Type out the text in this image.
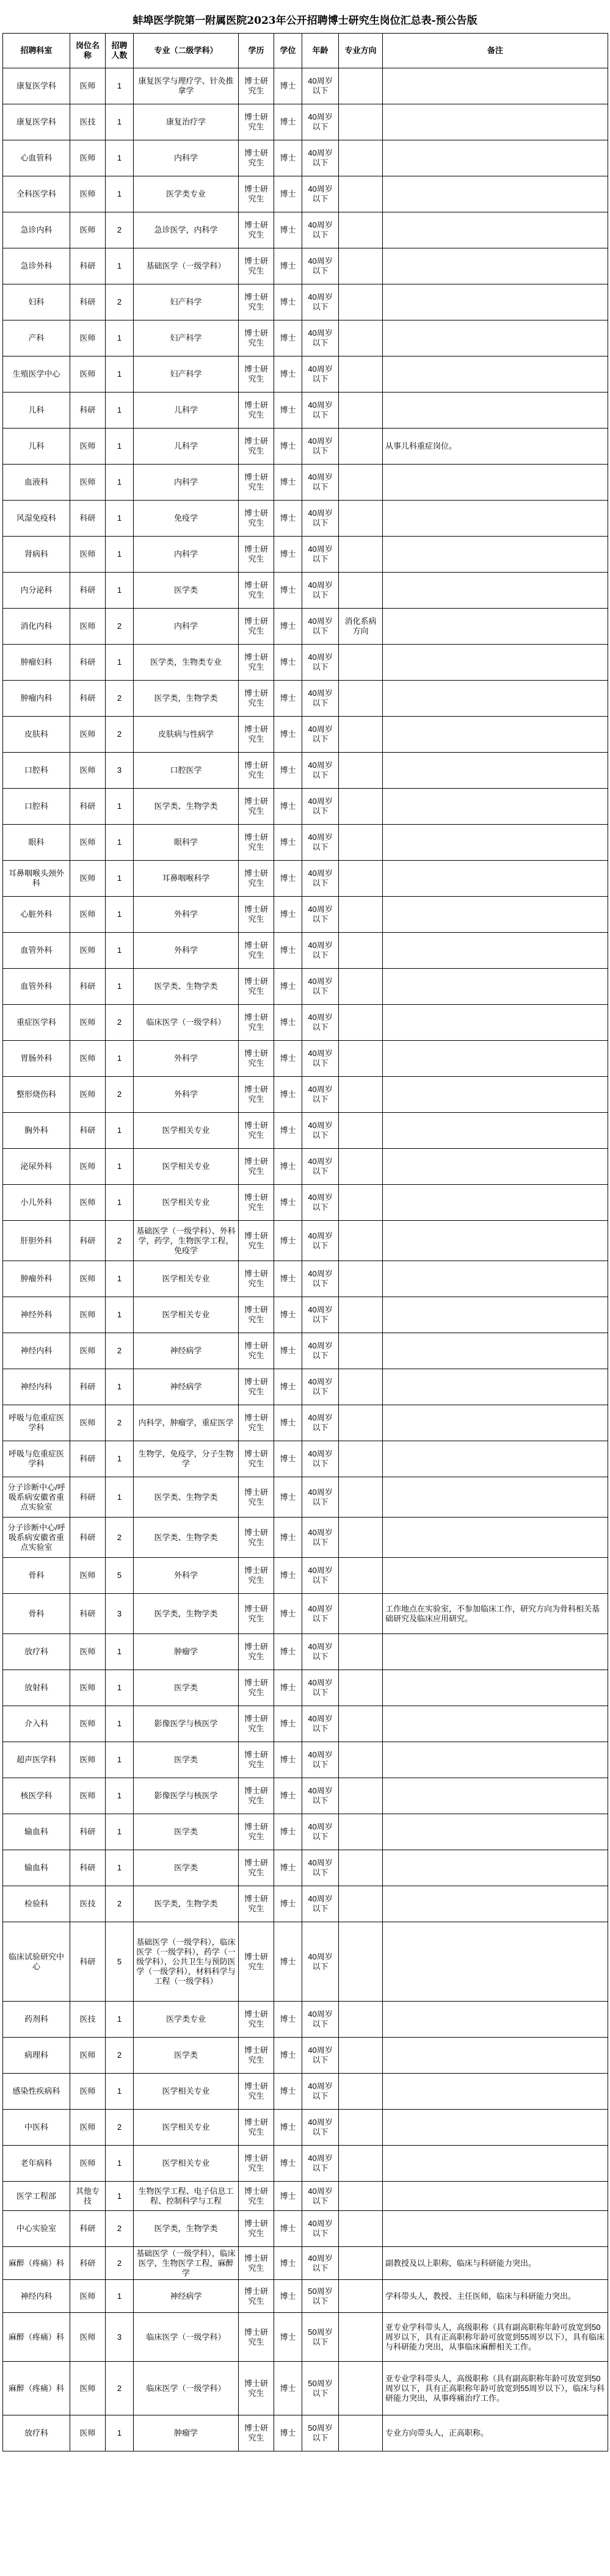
蚌埠医学院第一附属医院2023年公开招聘博士研究生岗位汇总表-预公告版
招聘科室	岗位名称	招聘人数	专业（二级学科）	学历	学位	年龄	专业方向	备注
康复医学科	医师	1	康复医学与理疗学、针灸推拿学	博士研究生	博士	40周岁以下		
康复医学科	医技	1	康复治疗学	博士研究生	博士	40周岁以下		
心血管科	医师	1	内科学	博士研究生	博士	40周岁以下		
全科医学科	医师	1	医学类专业	博士研究生	博士	40周岁以下		
急诊内科	医师	2	急诊医学，内科学	博士研究生	博士	40周岁以下		
急诊外科	科研	1	基础医学（一级学科）	博士研究生	博士	40周岁以下		
妇科	科研	2	妇产科学	博士研究生	博士	40周岁以下		
产科	医师	1	妇产科学	博士研究生	博士	40周岁以下		
生殖医学中心	医师	1	妇产科学	博士研究生	博士	40周岁以下		
儿科	科研	1	儿科学	博士研究生	博士	40周岁以下		
儿科	医师	1	儿科学	博士研究生	博士	40周岁以下		从事儿科重症岗位。
血液科	医师	1	内科学	博士研究生	博士	40周岁以下		
风湿免疫科	科研	1	免疫学	博士研究生	博士	40周岁以下		
肾病科	医师	1	内科学	博士研究生	博士	40周岁以下		
内分泌科	科研	1	医学类	博士研究生	博士	40周岁以下		
消化内科	医师	2	内科学	博士研究生	博士	40周岁以下	消化系病方向	
肿瘤妇科	科研	1	医学类，生物类专业	博士研究生	博士	40周岁以下		
肿瘤内科	科研	2	医学类，生物学类	博士研究生	博士	40周岁以下		
皮肤科	医师	2	皮肤病与性病学	博士研究生	博士	40周岁以下		
口腔科	医师	3	口腔医学	博士研究生	博士	40周岁以下		
口腔科	科研	1	医学类、生物学类	博士研究生	博士	40周岁以下		
眼科	医师	1	眼科学	博士研究生	博士	40周岁以下		
耳鼻咽喉头颈外科	医师	1	耳鼻咽喉科学	博士研究生	博士	40周岁以下		
心脏外科	医师	1	外科学	博士研究生	博士	40周岁以下		
血管外科	医师	1	外科学	博士研究生	博士	40周岁以下		
血管外科	科研	1	医学类、生物学类	博士研究生	博士	40周岁以下		
重症医学科	医师	2	临床医学（一级学科）	博士研究生	博士	40周岁以下		
胃肠外科	医师	1	外科学	博士研究生	博士	40周岁以下		
整形烧伤科	医师	2	外科学	博士研究生	博士	40周岁以下		
胸外科	科研	1	医学相关专业	博士研究生	博士	40周岁以下		
泌尿外科	医师	1	医学相关专业	博士研究生	博士	40周岁以下		
小儿外科	医师	1	医学相关专业	博士研究生	博士	40周岁以下		
肝胆外科	科研	2	基础医学（一级学科）、外科学，药学，生物医学工程，免疫学	博士研究生	博士	40周岁以下		
肿瘤外科	医师	1	医学相关专业	博士研究生	博士	40周岁以下		
神经外科	医师	1	医学相关专业	博士研究生	博士	40周岁以下		
神经内科	医师	2	神经病学	博士研究生	博士	40周岁以下		
神经内科	科研	1	神经病学	博士研究生	博士	40周岁以下		
呼吸与危重症医学科	医师	2	内科学，肿瘤学，重症医学	博士研究生	博士	40周岁以下		
呼吸与危重症医学科	科研	1	生物学，免疫学，分子生物学	博士研究生	博士	40周岁以下		
分子诊断中心/呼吸系病安徽省重点实验室	科研	1	医学类、生物学类	博士研究生	博士	40周岁以下		
分子诊断中心/呼吸系病安徽省重点实验室	科研	2	医学类、生物学类	博士研究生	博士	40周岁以下		
骨科	医师	5	外科学	博士研究生	博士	40周岁以下		
骨科	科研	3	医学类，生物学类	博士研究生	博士	40周岁以下		工作地点在实验室，不参加临床工作，研究方向为骨科相关基础研究及临床应用研究。
放疗科	医师	1	肿瘤学	博士研究生	博士	40周岁以下		
放射科	医师	1	医学类	博士研究生	博士	40周岁以下		
介入科	医师	1	影像医学与核医学	博士研究生	博士	40周岁以下		
超声医学科	医师	1	医学类	博士研究生	博士	40周岁以下		
核医学科	医师	1	影像医学与核医学	博士研究生	博士	40周岁以下		
输血科	科研	1	医学类	博士研究生	博士	40周岁以下		
输血科	科研	1	医学类	博士研究生	博士	40周岁以下		
检验科	医技	2	医学类，生物学类	博士研究生	博士	40周岁以下		
临床试验研究中心	科研	5	基础医学（一级学科），临床医学（一级学科），药学（一级学科），公共卫生与预防医学（一级学科），材料科学与工程（一级学科）	博士研究生	博士	40周岁以下		
药剂科	医技	1	医学类专业	博士研究生	博士	40周岁以下		
病理科	医师	2	医学类	博士研究生	博士	40周岁以下		
感染性疾病科	医师	1	医学相关专业	博士研究生	博士	40周岁以下		
中医科	医师	2	医学相关专业	博士研究生	博士	40周岁以下		
老年病科	医师	1	医学相关专业	博士研究生	博士	40周岁以下		
医学工程部	其他专技	1	生物医学工程、电子信息工程、控制科学与工程	博士研究生	博士	40周岁以下		
中心实验室	科研	2	医学类，生物学类	博士研究生	博士	40周岁以下		
麻醉（疼痛）科	科研	2	基础医学（一级学科），临床医学，生物医学工程，麻醉学	博士研究生	博士	40周岁以下		副教授及以上职称，临床与科研能力突出。
神经内科	医师	1	神经病学	博士研究生	博士	50周岁以下		学科带头人，教授、主任医师，临床与科研能力突出。
麻醉（疼痛）科	医师	3	临床医学（一级学科）	博士研究生	博士	50周岁以下		亚专业学科带头人，高级职称（具有副高职称年龄可放宽到50周岁以下，具有正高职称年龄可放宽到55周岁以下），具有临床与科研能力突出，从事临床麻醉相关工作。
麻醉（疼痛）科	医师	2	临床医学（一级学科）	博士研究生	博士	50周岁以下		亚专业学科带头人，高级职称（具有副高职称年龄可放宽到50周岁以下，具有正高职称年龄可放宽到55周岁以下），临床与科研能力突出，从事疼痛治疗工作。
放疗科	医师	1	肿瘤学	博士研究生	博士	50周岁以下		专业方向带头人，正高职称。
